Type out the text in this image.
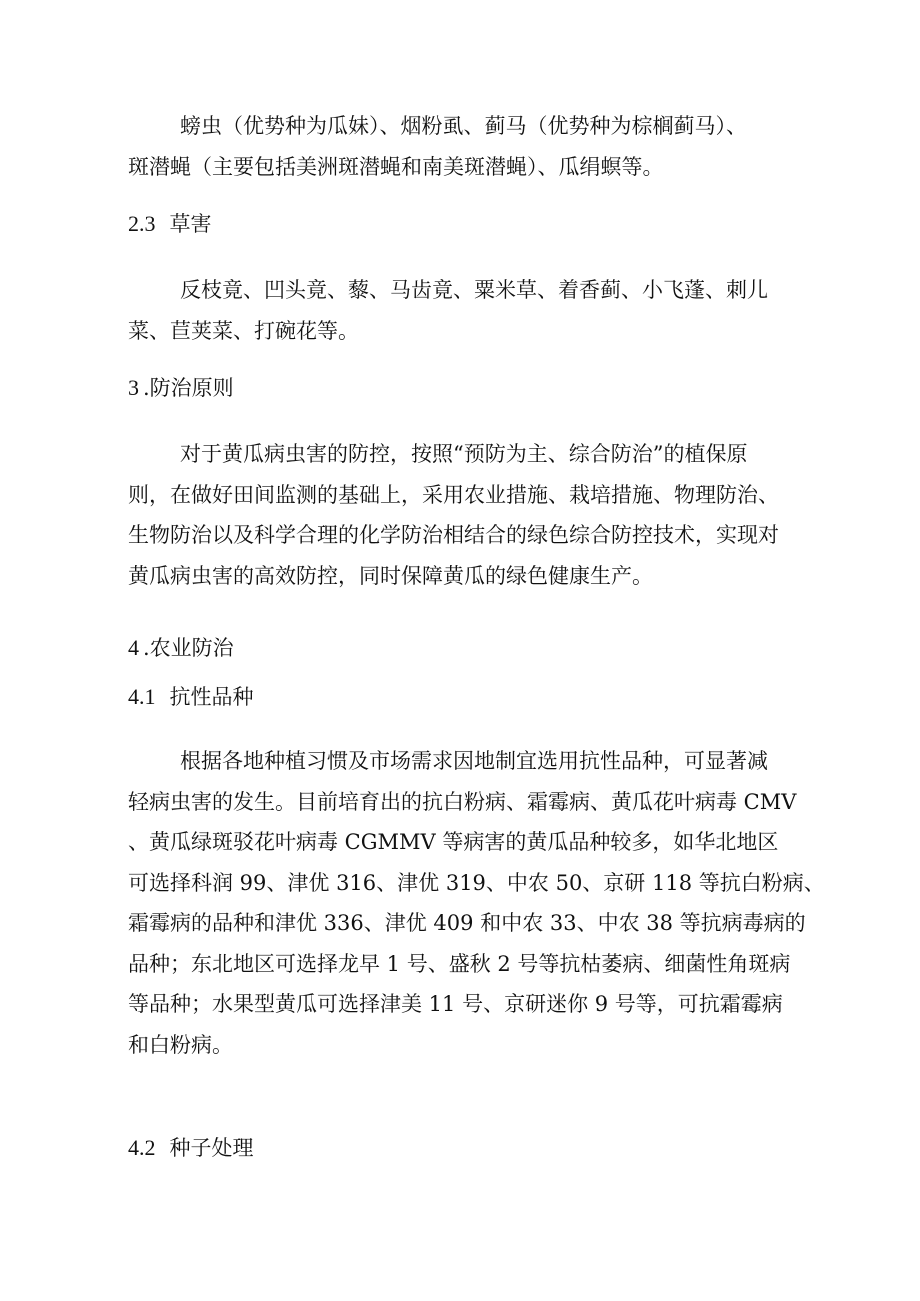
螃虫（优势种为瓜妹）、烟粉虱、蓟马（优势种为棕榈蓟马）、
斑潜蝇（主要包括美洲斑潜蝇和南美斑潜蝇）、瓜绢螟等。

2.3 草害

反枝竟、凹头竟、藜、马齿竟、粟米草、着香蓟、小飞蓬、刺儿
菜、苣荚菜、打碗花等。

3 .防治原则

对于黄瓜病虫害的防控，按照“预防为主、综合防治”的植保原
则，在做好田间监测的基础上，采用农业措施、栽培措施、物理防治、
生物防治以及科学合理的化学防治相结合的绿色综合防控技术，实现对
黄瓜病虫害的高效防控，同时保障黄瓜的绿色健康生产。

4 .农业防治
4.1 抗性品种

根据各地种植习惯及市场需求因地制宜选用抗性品种，可显著减
轻病虫害的发生。目前培育出的抗白粉病、霜霉病、黄瓜花叶病毒 CMV
、黄瓜绿斑驳花叶病毒 CGMMV 等病害的黄瓜品种较多，如华北地区
可选择科润 99、津优 316、津优 319、中农 50、京研 118 等抗白粉病、
霜霉病的品种和津优 336、津优 409 和中农 33、中农 38 等抗病毒病的
品种；东北地区可选择龙早 1 号、盛秋 2 号等抗枯萎病、细菌性角斑病
等品种；水果型黄瓜可选择津美 11 号、京研迷你 9 号等，可抗霜霉病
和白粉病。

4.2 种子处理
